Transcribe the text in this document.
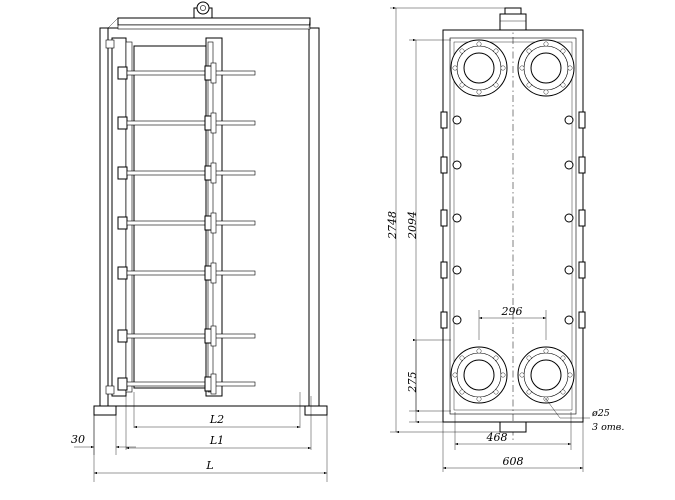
30
L2
L1
L
2748 2094
296
275
468
608
ø25
3 отв.
